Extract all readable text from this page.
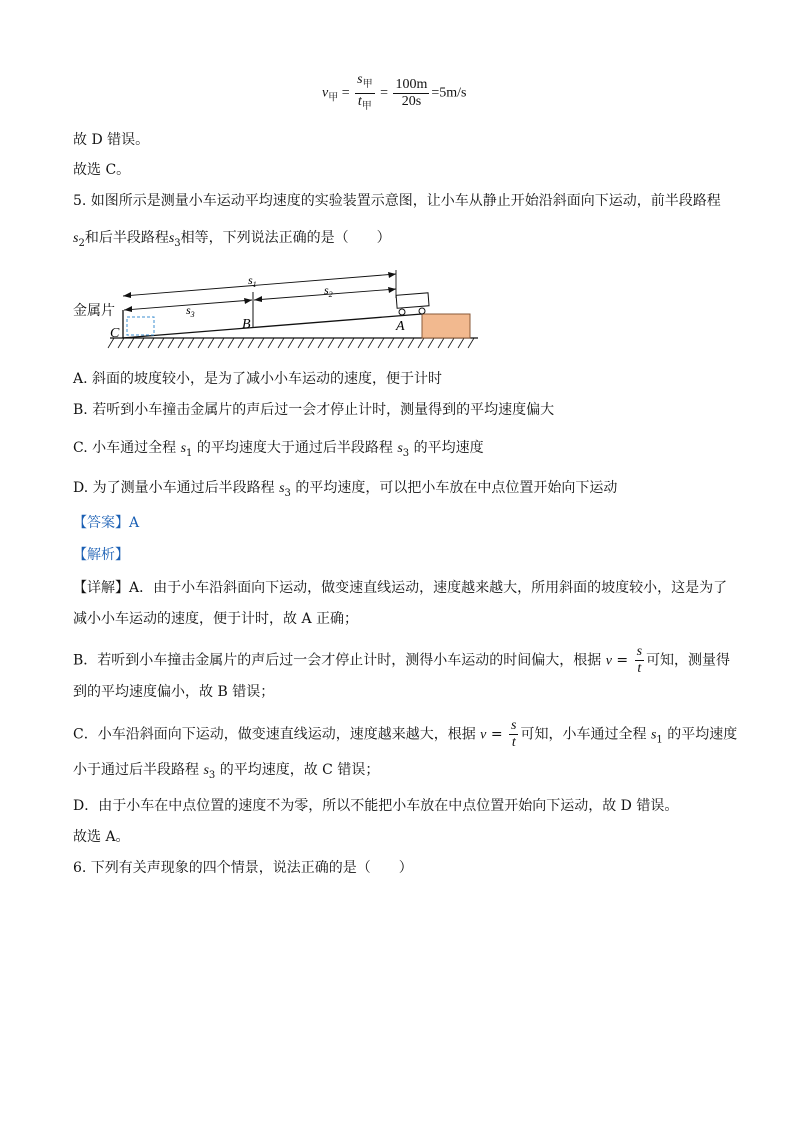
$v_甲 = \frac{s_甲}{t_甲} = \frac{100m}{20s} =5m/s$
故 D 错误。
故选 C。
5. 如图所示是测量小车运动平均速度的实验装置示意图，让小车从静止开始沿斜面向下运动，前半段路程
$s_2$和后半段路程$s_3$相等，下列说法正确的是（　　）
$s_1$
$s_3$
$s_2$
C
B	A
金属片
A. 斜面的坡度较小，是为了减小小车运动的速度，便于计时
B. 若听到小车撞击金属片的声后过一会才停止计时，测量得到的平均速度偏大
C. 小车通过全程 $s_1$ 的平均速度大于通过后半段路程 $s_3$ 的平均速度
D. 为了测量小车通过后半段路程 $s_3$ 的平均速度，可以把小车放在中点位置开始向下运动
【答案】A
【解析】
【详解】A．由于小车沿斜面向下运动，做变速直线运动，速度越来越大，所用斜面的坡度较小，这是为了
减小小车运动的速度，便于计时，故 A 正确；
B．若听到小车撞击金属片的声后过一会才停止计时，测得小车运动的时间偏大，根据 $v = \frac{s}{t}$ 可知，测量得
到的平均速度偏小，故 B 错误；
C．小车沿斜面向下运动，做变速直线运动，速度越来越大，根据 $v = \frac{s}{t}$ 可知，小车通过全程 $s_1$ 的平均速度
小于通过后半段路程 $s_3$ 的平均速度，故 C 错误；
D．由于小车在中点位置的速度不为零，所以不能把小车放在中点位置开始向下运动，故 D 错误。
故选 A。
6. 下列有关声现象的四个情景，说法正确的是（　　）
